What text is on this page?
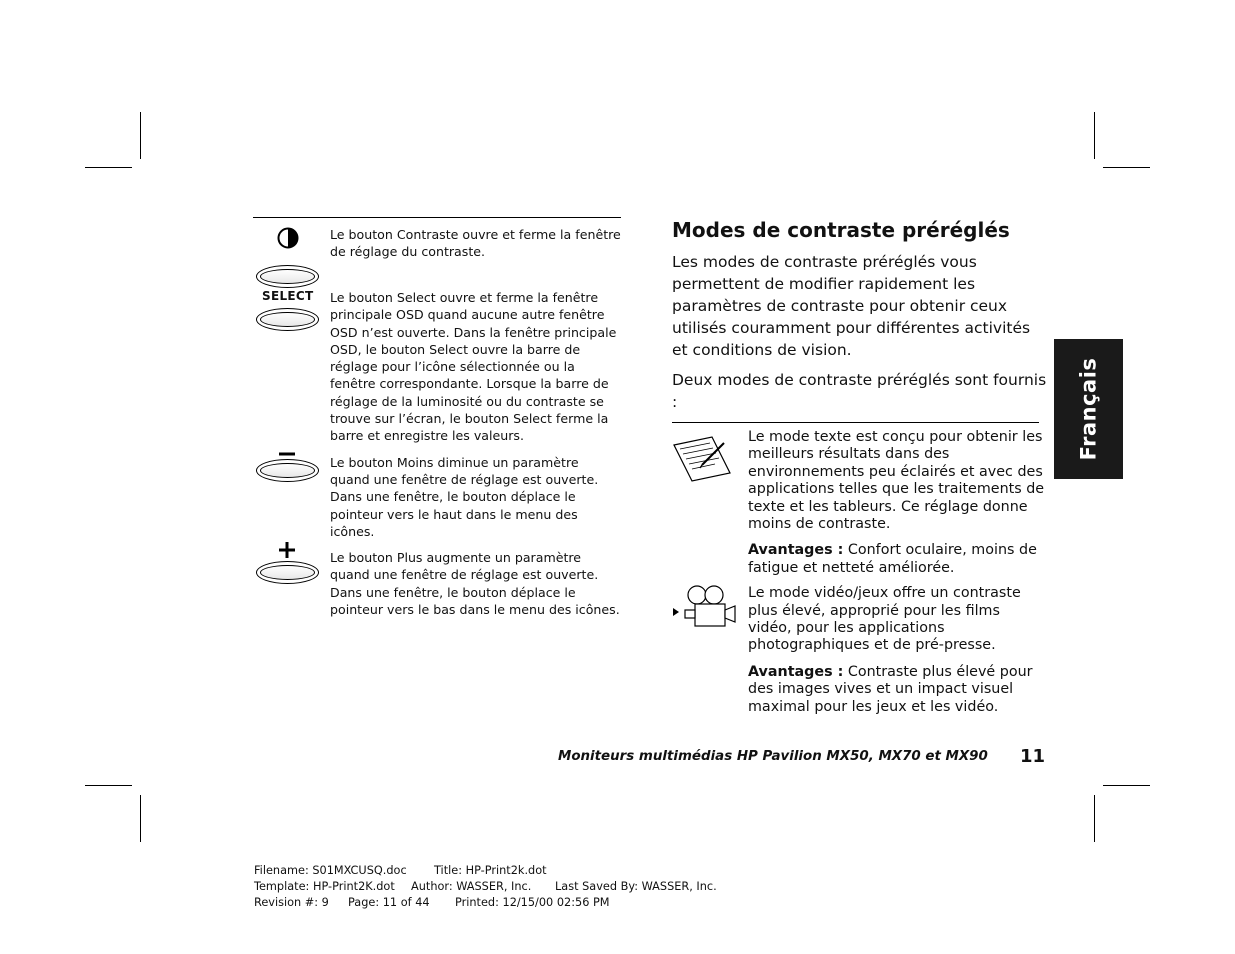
Le bouton Contraste ouvre et ferme la fenêtre de réglage du contraste.
SELECT Le bouton Select ouvre et ferme la fenêtre principale OSD quand aucune autre fenêtre OSD n’est ouverte. Dans la fenêtre principale OSD, le bouton Select ouvre la barre de réglage pour l’icône sélectionnée ou la fenêtre correspondante. Lorsque la barre de réglage de la luminosité ou du contraste se trouve sur l’écran, le bouton Select ferme la barre et enregistre les valeurs.
Le bouton Moins diminue un paramètre quand une fenêtre de réglage est ouverte. Dans une fenêtre, le bouton déplace le pointeur vers le haut dans le menu des icônes.
Le bouton Plus augmente un paramètre quand une fenêtre de réglage est ouverte. Dans une fenêtre, le bouton déplace le pointeur vers le bas dans le menu des icônes.
Modes de contraste préréglés

Les modes de contraste préréglés vous permettent de modifier rapidement les paramètres de contraste pour obtenir ceux utilisés couramment pour différentes activités et conditions de vision.

Deux modes de contraste préréglés sont fournis :

Le mode texte est conçu pour obtenir les meilleurs résultats dans des environnements peu éclairés et avec des applications telles que les traitements de texte et les tableurs. Ce réglage donne moins de contraste.

Avantages : Confort oculaire, moins de fatigue et netteté améliorée.

Le mode vidéo/jeux offre un contraste plus élevé, approprié pour les films vidéo, pour les applications photographiques et de pré-presse.

Avantages : Contraste plus élevé pour des images vives et un impact visuel maximal pour les jeux et les vidéo.

Français
Moniteurs multimédias HP Pavilion MX50, MX70 et MX90 11
Filename: S01MXCUSQ.doc Title: HP-Print2k.dot
Template: HP-Print2K.dot Author: WASSER, Inc. Last Saved By: WASSER, Inc.
Revision #: 9 Page: 11 of 44 Printed: 12/15/00 02:56 PM
